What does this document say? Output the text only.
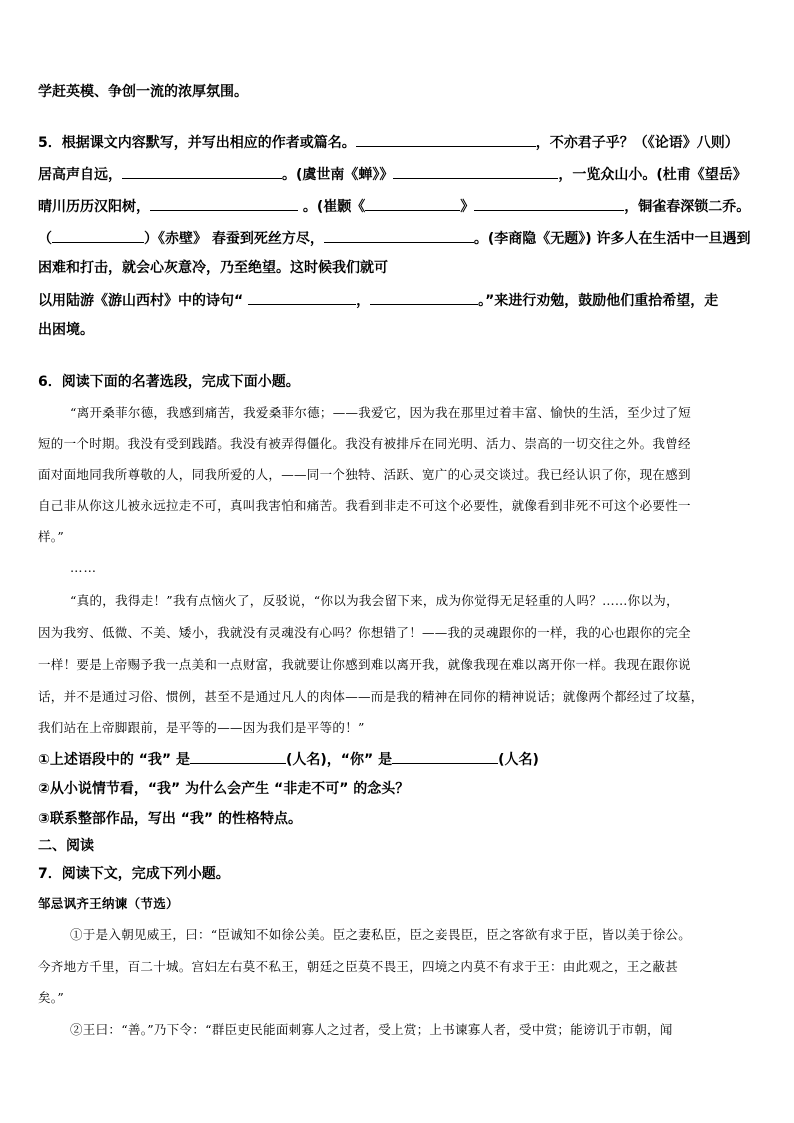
学赶英模、争创一流的浓厚氛围。
5．根据课文内容默写，并写出相应的作者或篇名。	，不亦君子乎？（《论语》八则）
居高声自远，	。(虞世南《蝉》》	，一览众山小。(杜甫《望岳》
晴川历历汉阳树，	。(崔颢《	》	，铜雀春深锁二乔。
（	）《赤壁》 春蚕到死丝方尽，	。(李商隐《无题》) 许多人在生活中一旦遇到
困难和打击，就会心灰意冷，乃至绝望。这时候我们就可
以用陆游《游山西村》中的诗句“	，	。”来进行劝勉，鼓励他们重拾希望，走
出困境。
6．阅读下面的名著选段，完成下面小题。
“离开桑菲尔德，我感到痛苦，我爱桑菲尔德；——我爱它，因为我在那里过着丰富、愉快的生活，至少过了短
短的一个时期。我没有受到践踏。我没有被弄得僵化。我没有被排斥在同光明、活力、崇高的一切交往之外。我曾经
面对面地同我所尊敬的人，同我所爱的人，——同一个独特、活跃、宽广的心灵交谈过。我已经认识了你，现在感到
自己非从你这儿被永远拉走不可，真叫我害怕和痛苦。我看到非走不可这个必要性，就像看到非死不可这个必要性一
样。”
……
“真的，我得走！”我有点恼火了，反驳说，“你以为我会留下来，成为你觉得无足轻重的人吗？……你以为，
因为我穷、低微、不美、矮小，我就没有灵魂没有心吗？你想错了！——我的灵魂跟你的一样，我的心也跟你的完全
一样！要是上帝赐予我一点美和一点财富，我就要让你感到难以离开我，就像我现在难以离开你一样。我现在跟你说
话，并不是通过习俗、惯例，甚至不是通过凡人的肉体——而是我的精神在同你的精神说话；就像两个都经过了坟墓，
我们站在上帝脚跟前，是平等的——因为我们是平等的！”
①上述语段中的 “我” 是	(人名)，“你” 是	(人名)
②从小说情节看，“我” 为什么会产生 “非走不可” 的念头？
③联系整部作品，写出 “我” 的性格特点。
二、阅读
7．阅读下文，完成下列小题。
邹忌讽齐王纳谏（节选）
①于是入朝见威王，曰：“臣诚知不如徐公美。臣之妻私臣，臣之妾畏臣，臣之客欲有求于臣，皆以美于徐公。
今齐地方千里，百二十城。宫妇左右莫不私王，朝廷之臣莫不畏王，四境之内莫不有求于王：由此观之，王之蔽甚
矣。”
②王曰：“善。”乃下令：“群臣吏民能面刺寡人之过者，受上赏；上书谏寡人者，受中赏；能谤讥于市朝，闻
